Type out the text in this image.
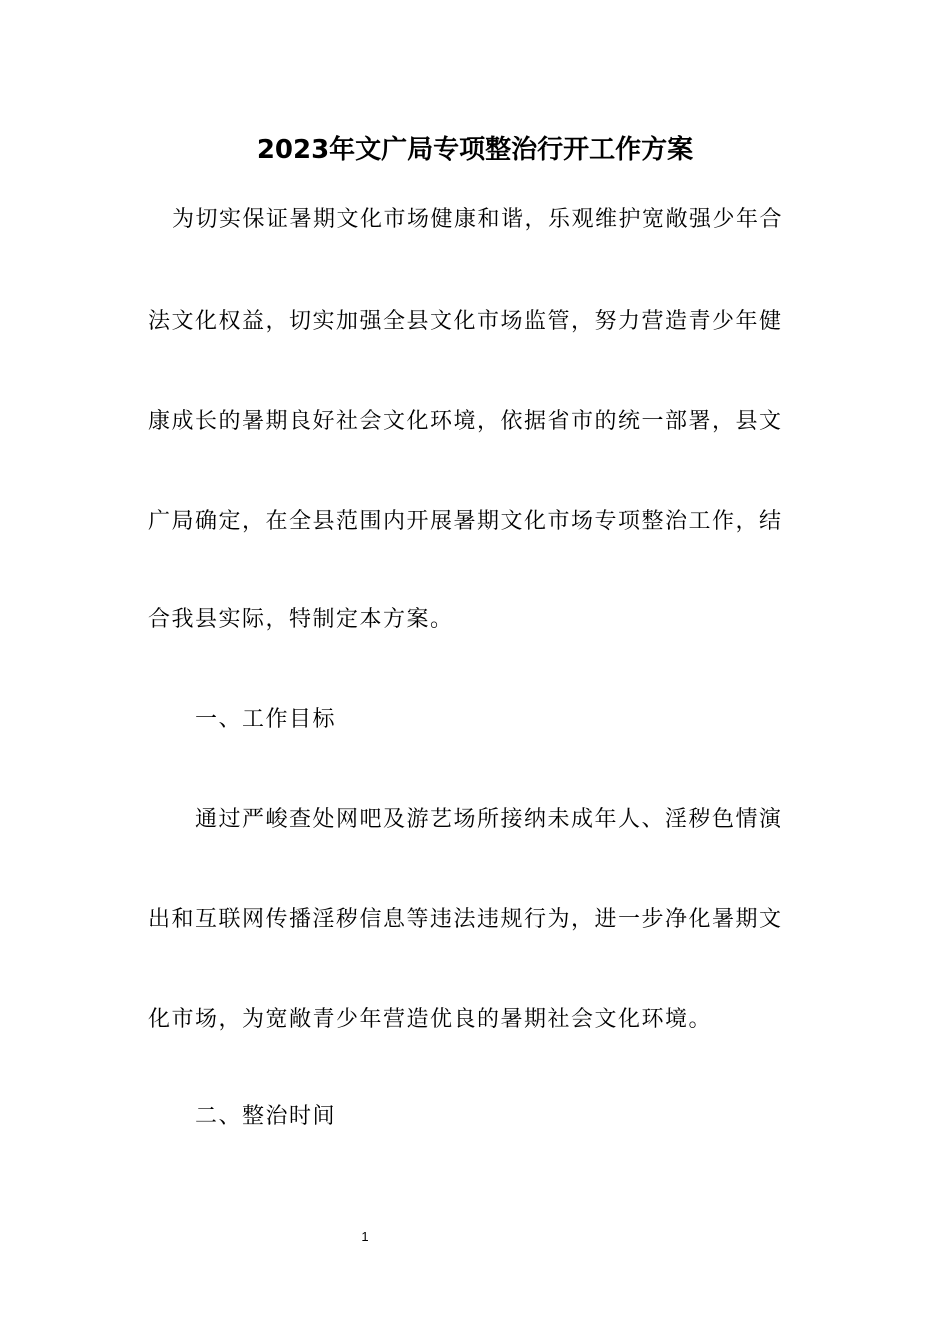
2023年文广局专项整治行开工作方案
为切实保证暑期文化市场健康和谐，乐观维护宽敞强少年合
法文化权益，切实加强全县文化市场监管，努力营造青少年健
康成长的暑期良好社会文化环境，依据省市的统一部署，县文
广局确定，在全县范围内开展暑期文化市场专项整治工作，结
合我县实际，特制定本方案。
一、工作目标
通过严峻查处网吧及游艺场所接纳未成年人、淫秽色情演
出和互联网传播淫秽信息等违法违规行为，进一步净化暑期文
化市场，为宽敞青少年营造优良的暑期社会文化环境。
二、整治时间
1
